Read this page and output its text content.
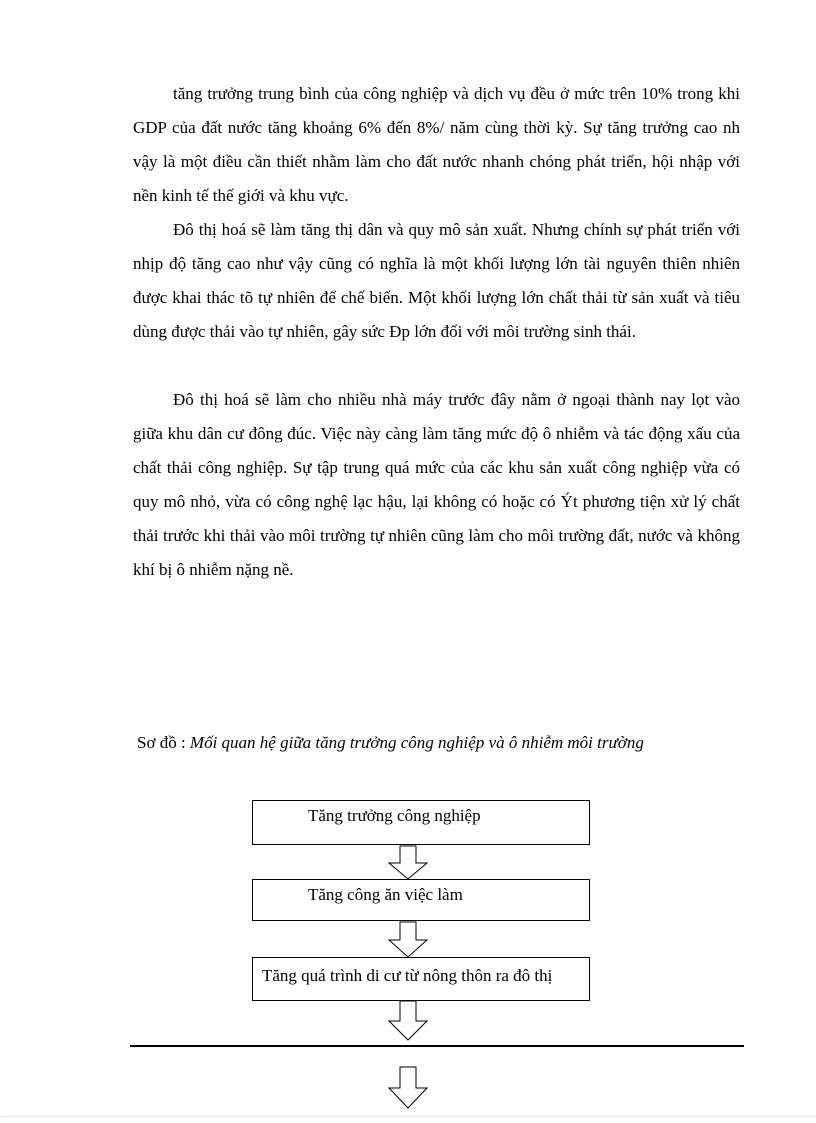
tăng trưởng trung bình của công nghiệp và dịch vụ đều ở mức trên 10% trong khi GDP của đất nước tăng khoảng 6% đến 8%/ năm cùng thời kỳ. Sự tăng trưởng cao nh vậy là một điều cần thiết nhằm làm cho đất nước nhanh chóng phát triển, hội nhập với nền kinh tế thế giới và khu vực.

Đô thị hoá sẽ làm tăng thị dân và quy mô sản xuất. Nhưng chính sự phát triển với nhịp độ tăng cao như vậy cũng có nghĩa là một khối lượng lớn tài nguyên thiên nhiên được khai thác tõ tự nhiên để chế biến. Một khối lượng lớn chất thải từ sản xuất và tiêu dùng được thải vào tự nhiên, gây sức Ðp lớn đối với môi trường sinh thái.

Đô thị hoá sẽ làm cho nhiều nhà máy trước đây nằm ở ngoại thành nay lọt vào giữa khu dân cư đông đúc. Việc này càng làm tăng mức độ ô nhiễm và tác động xấu của chất thải công nghiệp. Sự tập trung quá mức của các khu sản xuất công nghiệp vừa có quy mô nhỏ, vừa có công nghệ lạc hậu, lại không có hoặc có Ýt phương tiện xử lý chất thải trước khi thải vào môi trường tự nhiên cũng làm cho môi trường đất, nước và không khí bị ô nhiễm nặng nề.

Sơ đồ : Mối quan hệ giữa tăng trưởng công nghiệp và ô nhiễm môi trường

Tăng trưởng công nghiệp
Tăng công ăn việc làm
Tăng quá trình di cư từ nông thôn ra đô thị
